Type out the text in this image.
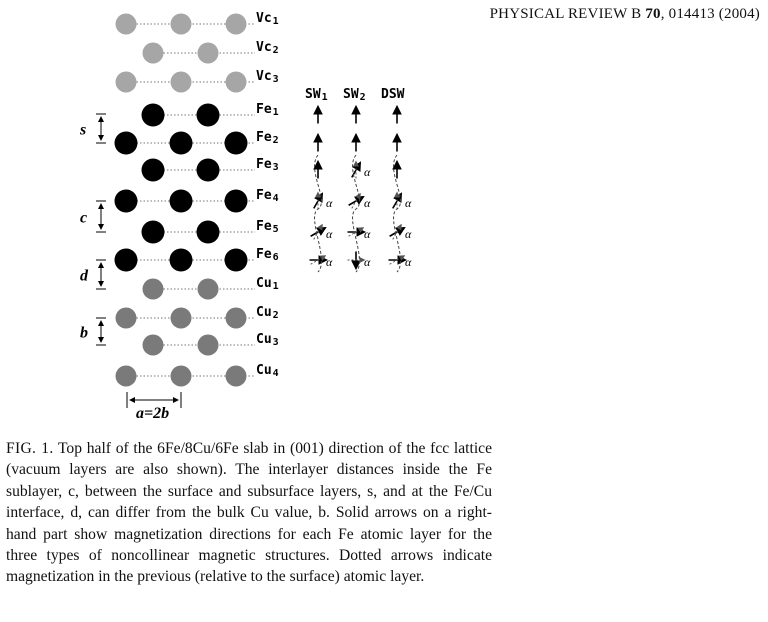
PHYSICAL REVIEW B 70, 014413 (2004)
Vc1
Vc2
Vc3
Fe1
Fe2
Fe3
Fe4
Fe5
Fe6
Cu1
Cu2
Cu3
Cu4
s
c
d
b
a=2b
SW1 SW2 DSW
α
α
α
α
α
α
α
α
α
α
FIG. 1. Top half of the 6Fe/8Cu/6Fe slab in (001) direction of the fcc lattice (vacuum layers are also shown). The interlayer distances inside the Fe sublayer, c, between the surface and subsurface layers, s, and at the Fe/Cu interface, d, can differ from the bulk Cu value, b. Solid arrows on a right-hand part show magnetization directions for each Fe atomic layer for the three types of noncollinear magnetic structures. Dotted arrows indicate magnetization in the previous (relative to the surface) atomic layer.
